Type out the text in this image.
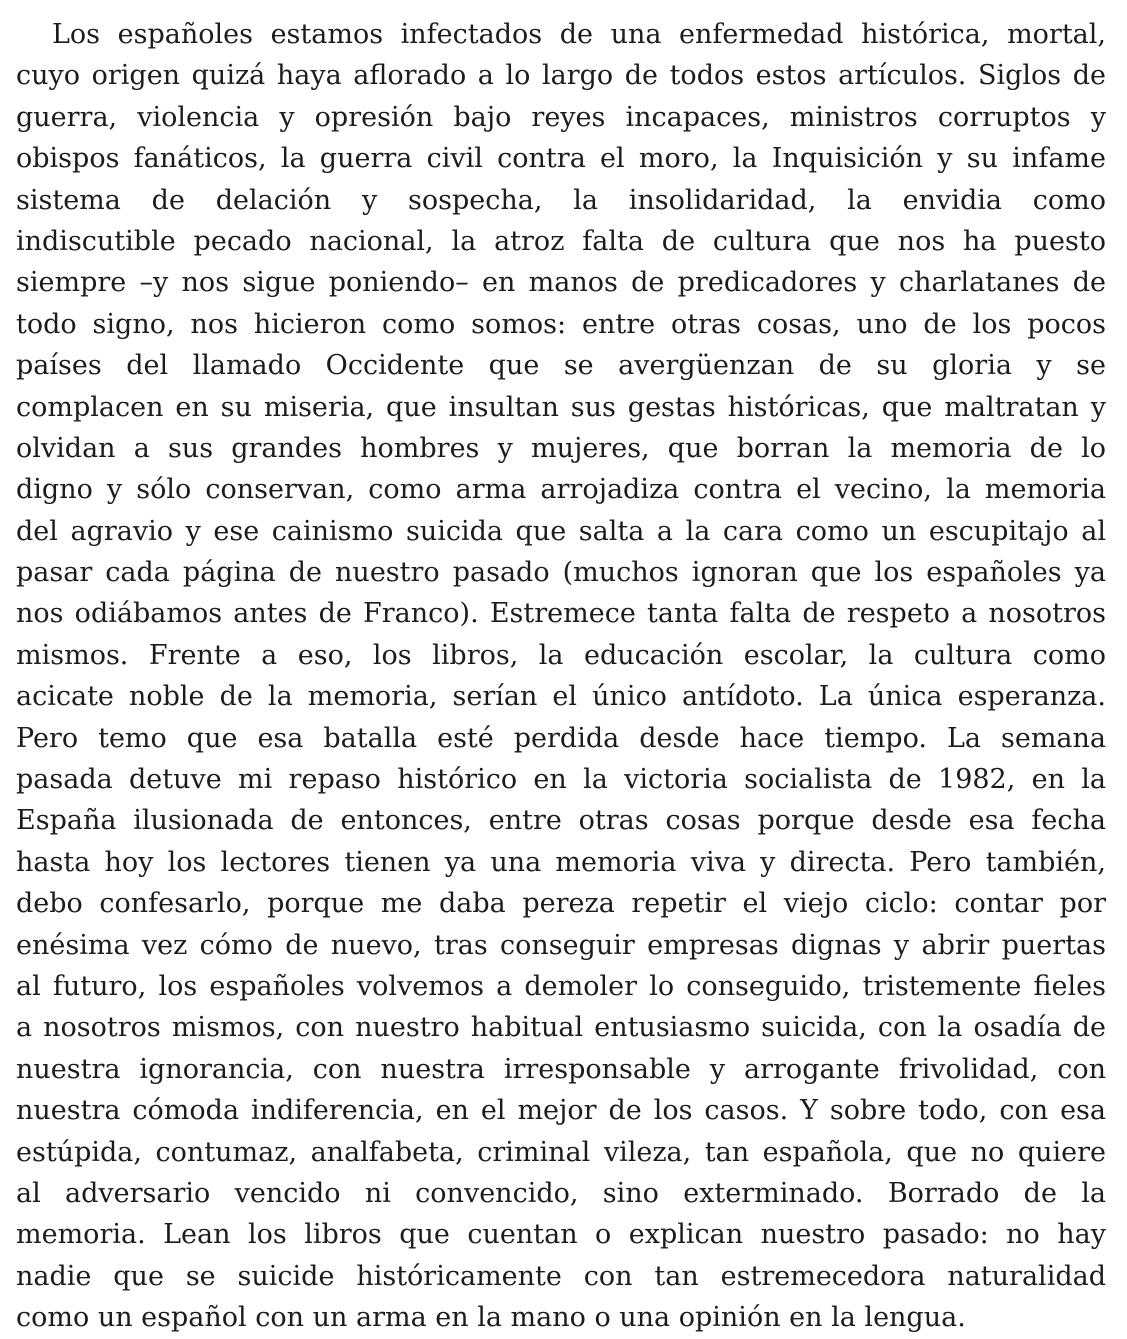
Los españoles estamos infectados de una enfermedad histórica, mortal,
cuyo origen quizá haya aflorado a lo largo de todos estos artículos. Siglos de
guerra, violencia y opresión bajo reyes incapaces, ministros corruptos y
obispos fanáticos, la guerra civil contra el moro, la Inquisición y su infame
sistema de delación y sospecha, la insolidaridad, la envidia como
indiscutible pecado nacional, la atroz falta de cultura que nos ha puesto
siempre –y nos sigue poniendo– en manos de predicadores y charlatanes de
todo signo, nos hicieron como somos: entre otras cosas, uno de los pocos
países del llamado Occidente que se avergüenzan de su gloria y se
complacen en su miseria, que insultan sus gestas históricas, que maltratan y
olvidan a sus grandes hombres y mujeres, que borran la memoria de lo
digno y sólo conservan, como arma arrojadiza contra el vecino, la memoria
del agravio y ese cainismo suicida que salta a la cara como un escupitajo al
pasar cada página de nuestro pasado (muchos ignoran que los españoles ya
nos odiábamos antes de Franco). Estremece tanta falta de respeto a nosotros
mismos. Frente a eso, los libros, la educación escolar, la cultura como
acicate noble de la memoria, serían el único antídoto. La única esperanza.
Pero temo que esa batalla esté perdida desde hace tiempo. La semana
pasada detuve mi repaso histórico en la victoria socialista de 1982, en la
España ilusionada de entonces, entre otras cosas porque desde esa fecha
hasta hoy los lectores tienen ya una memoria viva y directa. Pero también,
debo confesarlo, porque me daba pereza repetir el viejo ciclo: contar por
enésima vez cómo de nuevo, tras conseguir empresas dignas y abrir puertas
al futuro, los españoles volvemos a demoler lo conseguido, tristemente fieles
a nosotros mismos, con nuestro habitual entusiasmo suicida, con la osadía de
nuestra ignorancia, con nuestra irresponsable y arrogante frivolidad, con
nuestra cómoda indiferencia, en el mejor de los casos. Y sobre todo, con esa
estúpida, contumaz, analfabeta, criminal vileza, tan española, que no quiere
al adversario vencido ni convencido, sino exterminado. Borrado de la
memoria. Lean los libros que cuentan o explican nuestro pasado: no hay
nadie que se suicide históricamente con tan estremecedora naturalidad
como un español con un arma en la mano o una opinión en la lengua.
